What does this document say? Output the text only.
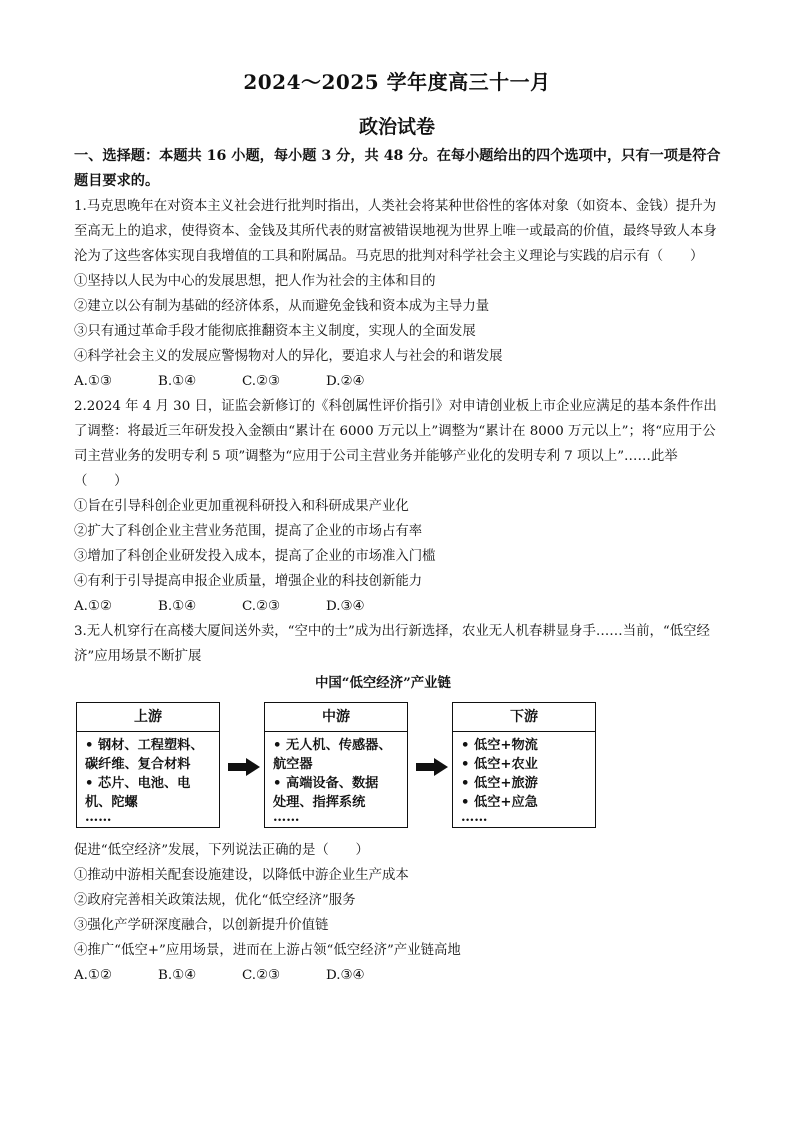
2024～2025 学年度高三十一月
政治试卷

一、选择题：本题共 16 小题，每小题 3 分，共 48 分。在每小题给出的四个选项中，只有一项是符合题目要求的。

1.马克思晚年在对资本主义社会进行批判时指出，人类社会将某种世俗性的客体对象（如资本、金钱）提升为至高无上的追求，使得资本、金钱及其所代表的财富被错误地视为世界上唯一或最高的价值，最终导致人本身沦为了这些客体实现自我增值的工具和附属品。马克思的批判对科学社会主义理论与实践的启示有（　　）

①坚持以人民为中心的发展思想，把人作为社会的主体和目的

②建立以公有制为基础的经济体系，从而避免金钱和资本成为主导力量

③只有通过革命手段才能彻底推翻资本主义制度，实现人的全面发展

④科学社会主义的发展应警惕物对人的异化，要追求人与社会的和谐发展

A.①③	B.①④	C.②③	D.②④

2.2024 年 4 月 30 日，证监会新修订的《科创属性评价指引》对申请创业板上市企业应满足的基本条件作出了调整：将最近三年研发投入金额由“累计在 6000 万元以上”调整为“累计在 8000 万元以上”；将“应用于公司主营业务的发明专利 5 项”调整为“应用于公司主营业务并能够产业化的发明专利 7 项以上”……此举（　　）

①旨在引导科创企业更加重视科研投入和科研成果产业化

②扩大了科创企业主营业务范围，提高了企业的市场占有率

③增加了科创企业研发投入成本，提高了企业的市场准入门槛

④有利于引导提高申报企业质量，增强企业的科技创新能力

A.①②	B.①④	C.②③	D.③④

3.无人机穿行在高楼大厦间送外卖，“空中的士”成为出行新选择，农业无人机春耕显身手……当前，“低空经济”应用场景不断扩展

中国“低空经济”产业链
上游
• 钢材、工程塑料、
碳纤维、复合材料
• 芯片、电池、电
机、陀螺
……
中游
• 无人机、传感器、
航空器
• 高端设备、数据
处理、指挥系统
……
下游
• 低空+物流
• 低空+农业
• 低空+旅游
• 低空+应急
……

促进“低空经济”发展，下列说法正确的是（　　）

①推动中游相关配套设施建设，以降低中游企业生产成本

②政府完善相关政策法规，优化“低空经济”服务

③强化产学研深度融合，以创新提升价值链

④推广“低空+”应用场景，进而在上游占领“低空经济”产业链高地

A.①②	B.①④	C.②③	D.③④
